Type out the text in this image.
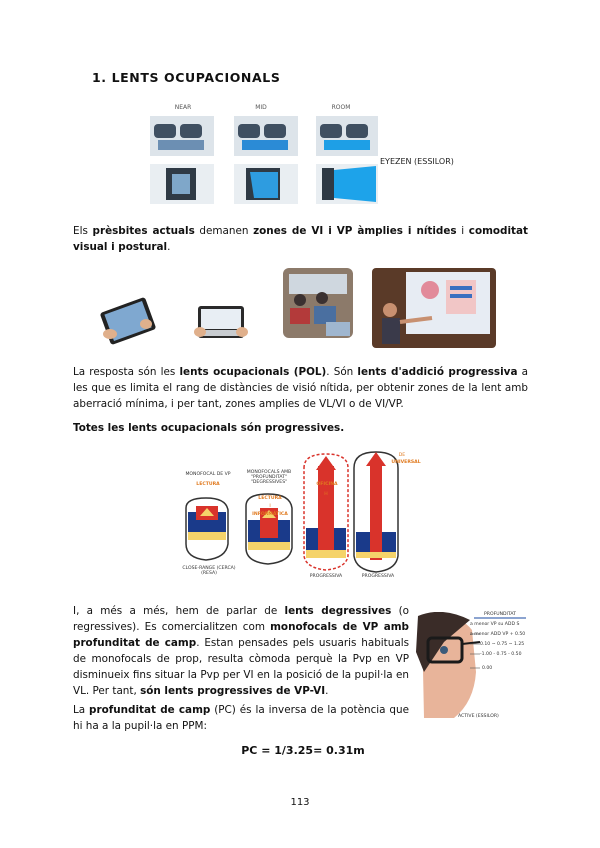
1. LENTS OCUPACIONALS
NEAR	MID	ROOM
EYEZEN (ESSILOR)
Els prèsbites actuals demanen zones de VI i VP àmplies i nítides i comoditat visual i postural.
La resposta són les lents ocupacionals (POL). Són lents d'addició progressiva a les que es limita el rang de distàncies de visió nítida, per obtenir zones de la lent amb aberració mínima, i per tant, zones amplies de VL/VI o de VI/VP.
Totes les lents ocupacionals són progressives.
MONOFOCAL DE VP
LECTURA
MONOFOCALS AMB "PROFUNDITAT" "DEGRESSIVES"
LECTURA
I
INFORMÀTICA
OFICINA
H
DE
UNIVERSAL
CLOSE-RANGE (CERCA) (RESA)
PROGRESSIVA	PROGRESSIVA
I, a més a més, hem de parlar de lents degressives (o regressives). Es comercialitzen com monofocals de VP amb profunditat de camp. Estan pensades pels usuaris habituals de monofocals de prop, resulta còmoda perquè la Pvp en VP disminueix fins situar la Pvp per VI en la posició de la pupil·la en VL. Per tant, són lents progressives de VP-VI.
PROFUNDITAT
a menor VP su ADD S
a menor ADD VP + 0.50
0.10 ~ 0.75 ~ 1.25
-1.00 - 0.75 - 0.50
0.00
ACTIVE (ESSILOR)
La profunditat de camp (PC) és la inversa de la potència que hi ha a la pupil·la en PPM:
PC = 1/3.25= 0.31m
113
